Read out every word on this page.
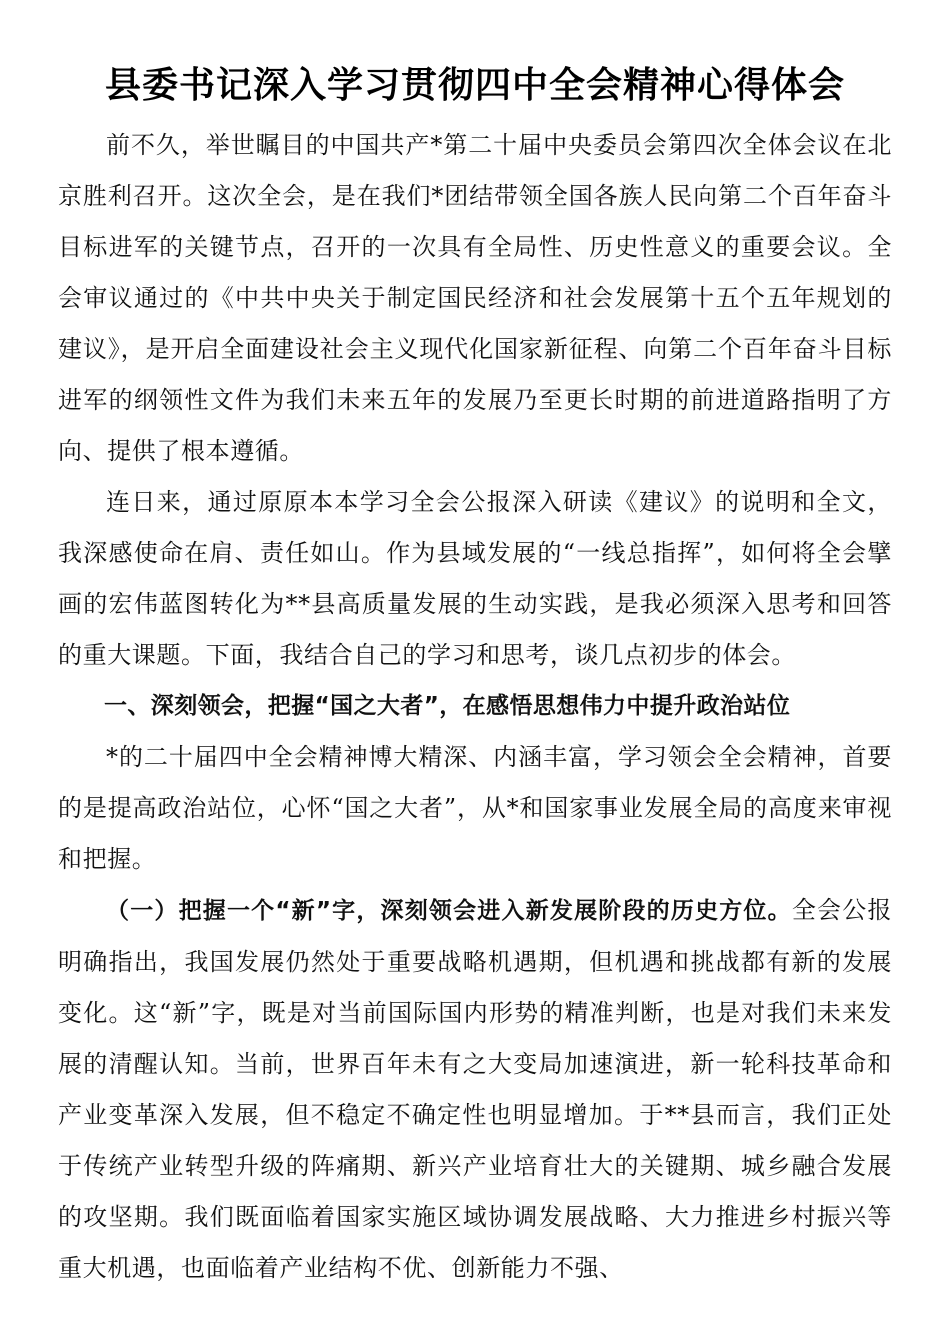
县委书记深入学习贯彻四中全会精神心得体会

前不久，举世瞩目的中国共产*第二十届中央委员会第四次全体会议在北京胜利召开。这次全会，是在我们*团结带领全国各族人民向第二个百年奋斗目标进军的关键节点，召开的一次具有全局性、历史性意义的重要会议。全会审议通过的《中共中央关于制定国民经济和社会发展第十五个五年规划的建议》，是开启全面建设社会主义现代化国家新征程、向第二个百年奋斗目标进军的纲领性文件为我们未来五年的发展乃至更长时期的前进道路指明了方向、提供了根本遵循。

连日来，通过原原本本学习全会公报深入研读《建议》的说明和全文，我深感使命在肩、责任如山。作为县域发展的“一线总指挥”，如何将全会擘画的宏伟蓝图转化为**县高质量发展的生动实践，是我必须深入思考和回答的重大课题。下面，我结合自己的学习和思考，谈几点初步的体会。

一、深刻领会，把握“国之大者”，在感悟思想伟力中提升政治站位

*的二十届四中全会精神博大精深、内涵丰富，学习领会全会精神，首要的是提高政治站位，心怀“国之大者”，从*和国家事业发展全局的高度来审视和把握。

（一）把握一个“新”字，深刻领会进入新发展阶段的历史方位。全会公报明确指出，我国发展仍然处于重要战略机遇期，但机遇和挑战都有新的发展变化。这“新”字，既是对当前国际国内形势的精准判断，也是对我们未来发展的清醒认知。当前，世界百年未有之大变局加速演进，新一轮科技革命和产业变革深入发展，但不稳定不确定性也明显增加。于**县而言，我们正处于传统产业转型升级的阵痛期、新兴产业培育壮大的关键期、城乡融合发展的攻坚期。我们既面临着国家实施区域协调发展战略、大力推进乡村振兴等重大机遇，也面临着产业结构不优、创新能力不强、
